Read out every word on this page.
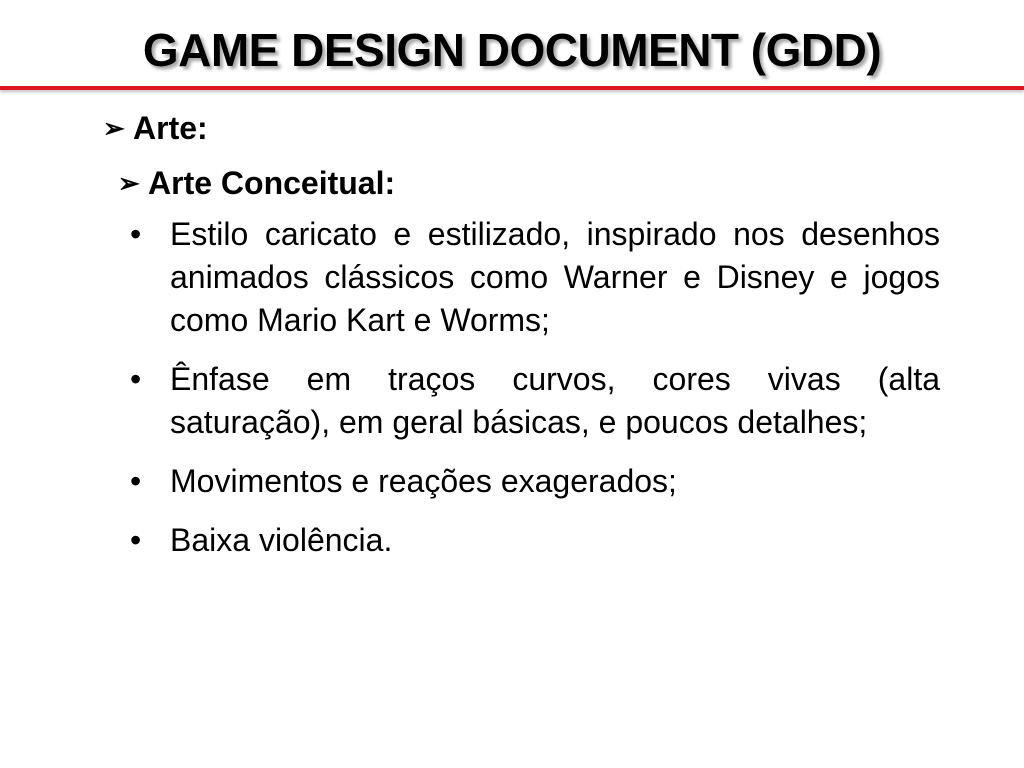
GAME DESIGN DOCUMENT (GDD)
➢ Arte:
➢ Arte Conceitual:
• Estilo caricato e estilizado, inspirado nos desenhos animados clássicos como Warner e Disney e jogos como Mario Kart e Worms;
• Ênfase em traços curvos, cores vivas (alta saturação), em geral básicas, e poucos detalhes;
• Movimentos e reações exagerados;
• Baixa violência.
